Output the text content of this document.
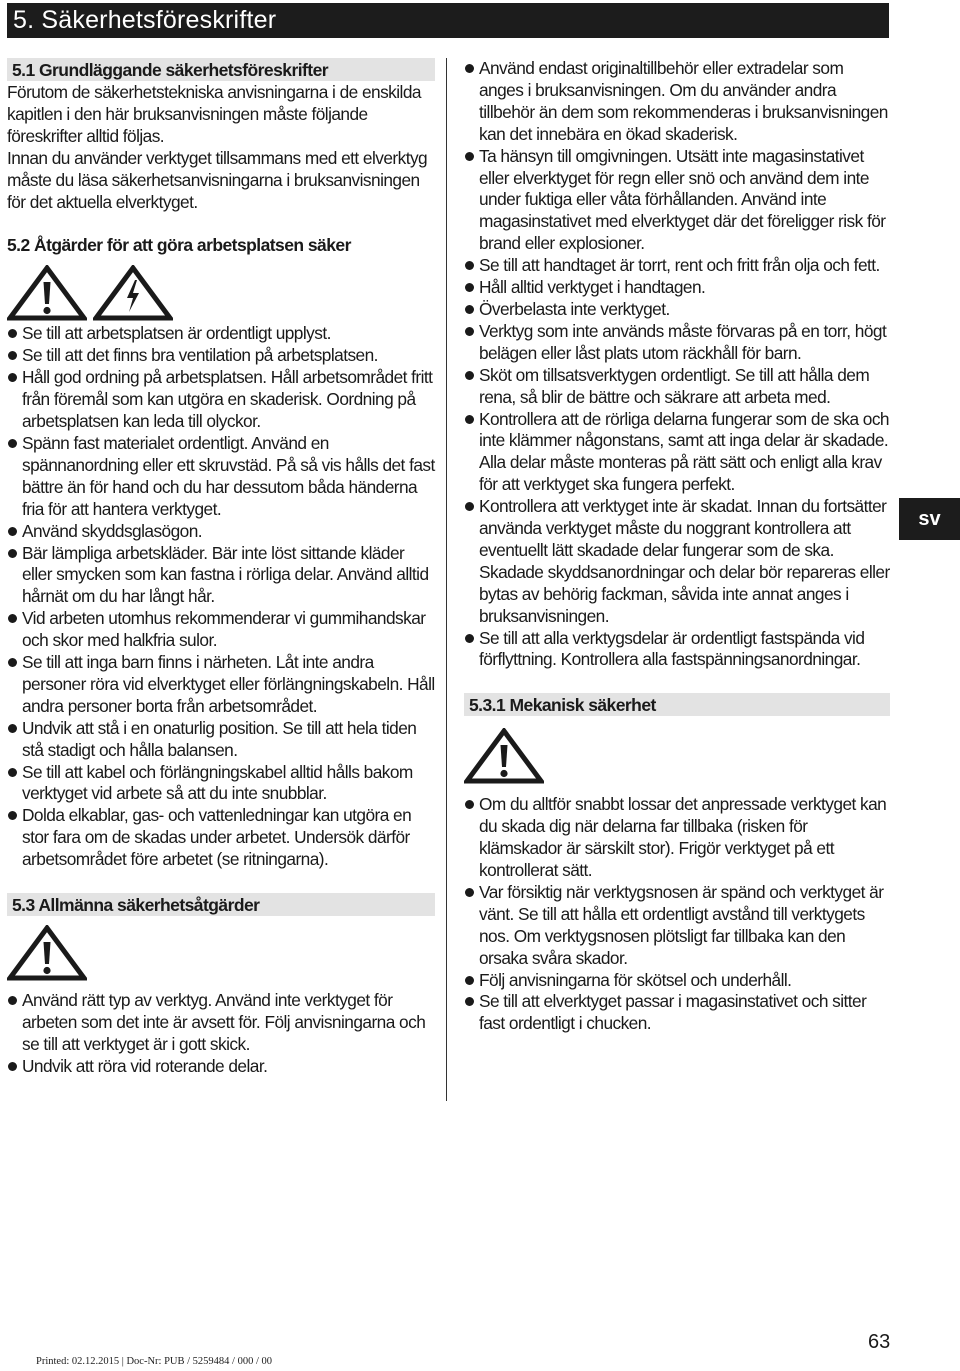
5. Säkerhetsföreskrifter
5.1 Grundläggande säkerhetsföreskrifter

Förutom de säkerhetstekniska anvisningarna i de enskilda kapitlen i den här bruksanvisningen måste följande föreskrifter alltid följas.

Innan du använder verktyget tillsammans med ett elverktyg måste du läsa säkerhetsanvisningarna i bruksanvisningen för det aktuella elverktyget.

5.2 Åtgärder för att göra arbetsplatsen säker
Se till att arbetsplatsen är ordentligt upplyst.
Se till att det finns bra ventilation på arbetsplatsen.
Håll god ordning på arbetsplatsen. Håll arbetsområdet fritt från föremål som kan utgöra en skaderisk. Oordning på arbetsplatsen kan leda till olyckor.
Spänn fast materialet ordentligt. Använd en spännanordning eller ett skruvstäd. På så vis hålls det fast bättre än för hand och du har dessutom båda händerna fria för att hantera verktyget.
Använd skyddsglasögon.
Bär lämpliga arbetskläder. Bär inte löst sittande kläder eller smycken som kan fastna i rörliga delar. Använd alltid hårnät om du har långt hår.
Vid arbeten utomhus rekommenderar vi gummihandskar och skor med halkfria sulor.
Se till att inga barn finns i närheten. Låt inte andra personer röra vid elverktyget eller förlängningskabeln. Håll andra personer borta från arbetsområdet.
Undvik att stå i en onaturlig position. Se till att hela tiden stå stadigt och hålla balansen.
Se till att kabel och förlängningskabel alltid hålls bakom verktyget vid arbete så att du inte snubblar.
Dolda elkablar, gas- och vattenledningar kan utgöra en stor fara om de skadas under arbetet. Undersök därför arbetsområdet före arbetet (se ritningarna).
5.3 Allmänna säkerhetsåtgärder
Använd rätt typ av verktyg. Använd inte verktyget för arbeten som det inte är avsett för. Följ anvisningarna och se till att verktyget är i gott skick.
Undvik att röra vid roterande delar.
Använd endast originaltillbehör eller extradelar som anges i bruksanvisningen. Om du använder andra tillbehör än dem som rekommenderas i bruksanvisningen kan det innebära en ökad skaderisk.
Ta hänsyn till omgivningen. Utsätt inte magasinstativet eller elverktyget för regn eller snö och använd dem inte under fuktiga eller våta förhållanden. Använd inte magasinstativet med elverktyget där det föreligger risk för brand eller explosioner.
Se till att handtaget är torrt, rent och fritt från olja och fett.
Håll alltid verktyget i handtagen.
Överbelasta inte verktyget.
Verktyg som inte används måste förvaras på en torr, högt belägen eller låst plats utom räckhåll för barn.
Sköt om tillsatsverktygen ordentligt. Se till att hålla dem rena, så blir de bättre och säkrare att arbeta med.
Kontrollera att de rörliga delarna fungerar som de ska och inte klämmer någonstans, samt att inga delar är skadade. Alla delar måste monteras på rätt sätt och enligt alla krav för att verktyget ska fungera perfekt.
Kontrollera att verktyget inte är skadat. Innan du fortsätter använda verktyget måste du noggrant kontrollera att eventuellt lätt skadade delar fungerar som de ska. Skadade skyddsanordningar och delar bör repareras eller bytas av behörig fackman, såvida inte annat anges i bruksanvisningen.
Se till att alla verktygsdelar är ordentligt fastspända vid förflyttning. Kontrollera alla fastspänningsanordningar.
5.3.1 Mekanisk säkerhet
Om du alltför snabbt lossar det anpressade verktyget kan du skada dig när delarna far tillbaka (risken för klämskador är särskilt stor). Frigör verktyget på ett kontrollerat sätt.
Var försiktig när verktygsnosen är spänd och verktyget är vänt. Se till att hålla ett ordentligt avstånd till verktygets nos. Om verktygsnosen plötsligt far tillbaka kan den orsaka svåra skador.
Följ anvisningarna för skötsel och underhåll.
Se till att elverktyget passar i magasinstativet och sitter fast ordentligt i chucken.
sv
63
Printed: 02.12.2015 | Doc-Nr: PUB / 5259484 / 000 / 00
